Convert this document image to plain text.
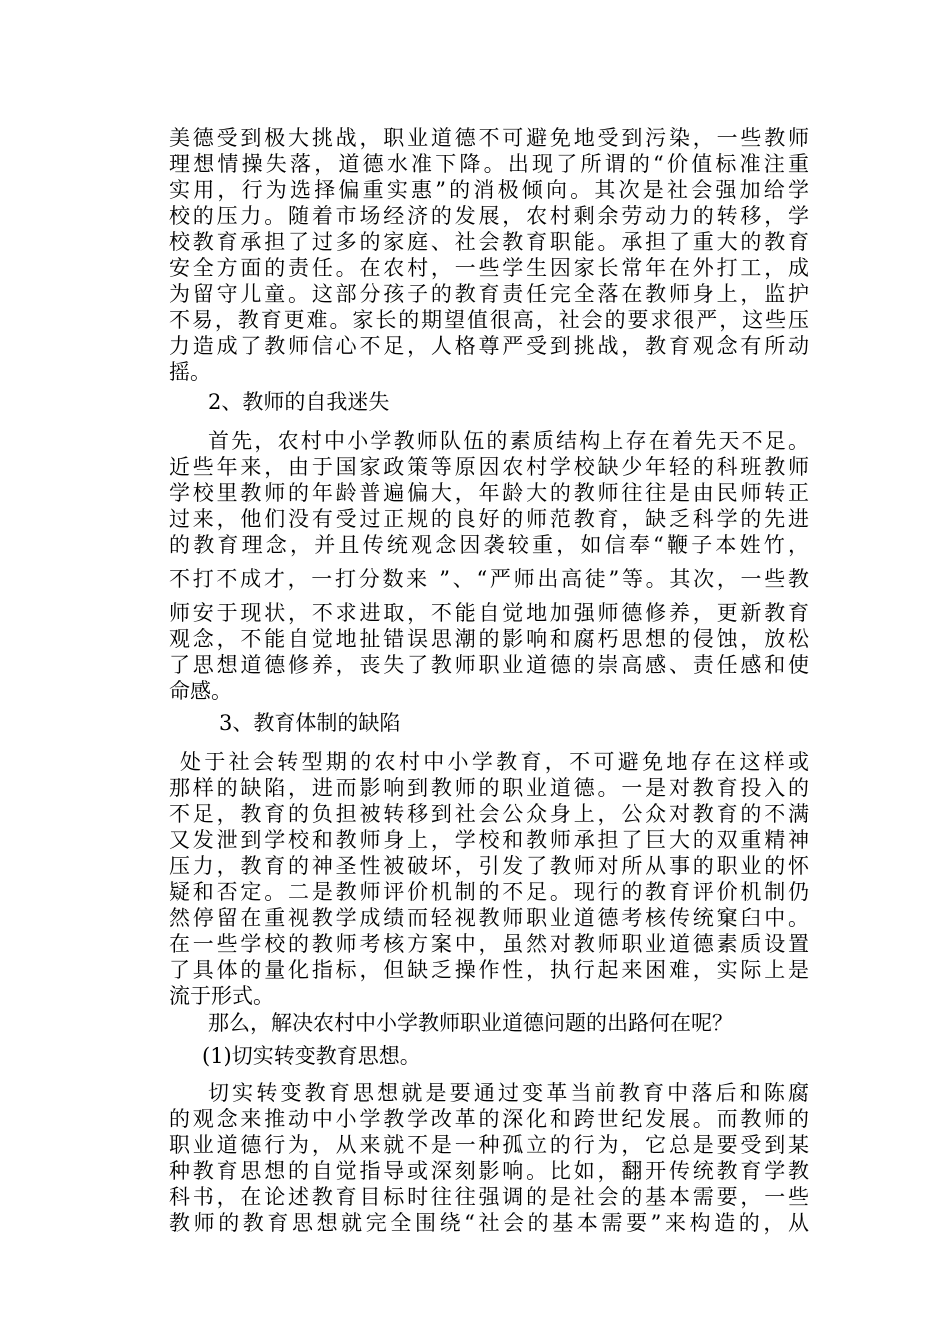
美德受到极大挑战，职业道德不可避免地受到污染，一些教师
理想情操失落，道德水准下降。出现了所谓的“价值标准注重
实用，行为选择偏重实惠”的消极倾向。其次是社会强加给学
校的压力。随着市场经济的发展，农村剩余劳动力的转移，学
校教育承担了过多的家庭、社会教育职能。承担了重大的教育
安全方面的责任。在农村，一些学生因家长常年在外打工，成
为留守儿童。这部分孩子的教育责任完全落在教师身上，监护
不易，教育更难。家长的期望值很高，社会的要求很严，这些压
力造成了教师信心不足，人格尊严受到挑战，教育观念有所动
摇。
2、教师的自我迷失
首先，农村中小学教师队伍的素质结构上存在着先天不足。
近些年来，由于国家政策等原因农村学校缺少年轻的科班教师
学校里教师的年龄普遍偏大，年龄大的教师往往是由民师转正
过来，他们没有受过正规的良好的师范教育，缺乏科学的先进
的教育理念，并且传统观念因袭较重，如信奉“鞭子本姓竹，
不打不成才，一打分数来 ”、“严师出高徒”等。其次，一些教
师安于现状，不求进取，不能自觉地加强师德修养，更新教育
观念，不能自觉地扯错误思潮的影响和腐朽思想的侵蚀，放松
了思想道德修养，丧失了教师职业道德的崇高感、责任感和使
命感。
3、教育体制的缺陷
处于社会转型期的农村中小学教育，不可避免地存在这样或
那样的缺陷，进而影响到教师的职业道德。一是对教育投入的
不足，教育的负担被转移到社会公众身上，公众对教育的不满
又发泄到学校和教师身上，学校和教师承担了巨大的双重精神
压力，教育的神圣性被破坏，引发了教师对所从事的职业的怀
疑和否定。二是教师评价机制的不足。现行的教育评价机制仍
然停留在重视教学成绩而轻视教师职业道德考核传统窠臼中。
在一些学校的教师考核方案中，虽然对教师职业道德素质设置
了具体的量化指标，但缺乏操作性，执行起来困难，实际上是
流于形式。
那么，解决农村中小学教师职业道德问题的出路何在呢？
(1)切实转变教育思想。
切实转变教育思想就是要通过变革当前教育中落后和陈腐
的观念来推动中小学教学改革的深化和跨世纪发展。而教师的
职业道德行为，从来就不是一种孤立的行为，它总是要受到某
种教育思想的自觉指导或深刻影响。比如，翻开传统教育学教
科书，在论述教育目标时往往强调的是社会的基本需要，一些
教师的教育思想就完全围绕“社会的基本需要”来构造的，从
